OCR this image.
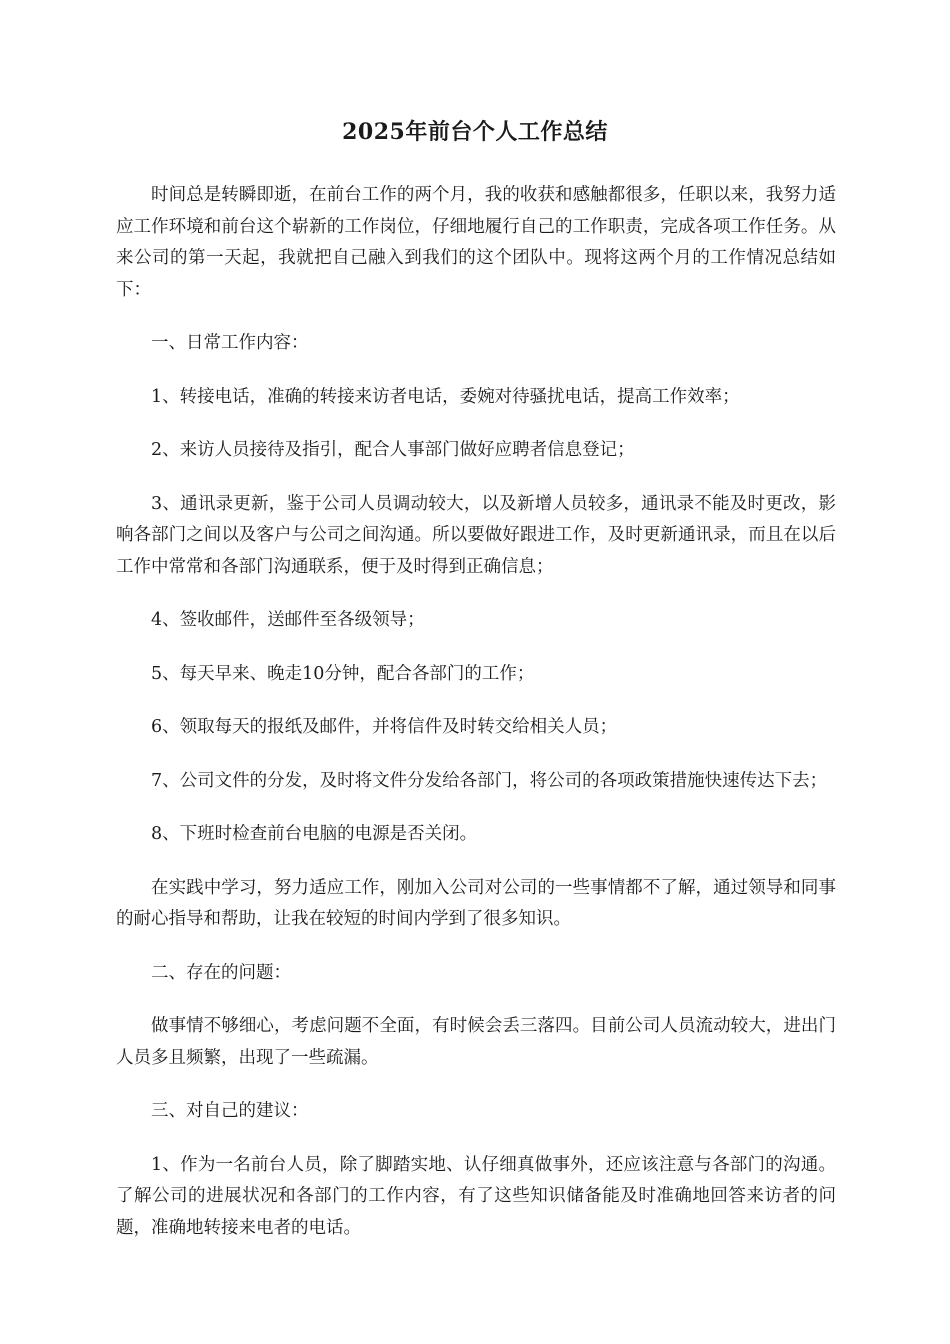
2025年前台个人工作总结

时间总是转瞬即逝，在前台工作的两个月，我的收获和感触都很多，任职以来，我努力适应工作环境和前台这个崭新的工作岗位，仔细地履行自己的工作职责，完成各项工作任务。从来公司的第一天起，我就把自己融入到我们的这个团队中。现将这两个月的工作情况总结如下：

一、日常工作内容：

1、转接电话，准确的转接来访者电话，委婉对待骚扰电话，提高工作效率；

2、来访人员接待及指引，配合人事部门做好应聘者信息登记；

3、通讯录更新，鉴于公司人员调动较大，以及新增人员较多，通讯录不能及时更改，影响各部门之间以及客户与公司之间沟通。所以要做好跟进工作，及时更新通讯录，而且在以后工作中常常和各部门沟通联系，便于及时得到正确信息；

4、签收邮件，送邮件至各级领导；

5、每天早来、晚走10分钟，配合各部门的工作；

6、领取每天的报纸及邮件，并将信件及时转交给相关人员；

7、公司文件的分发，及时将文件分发给各部门，将公司的各项政策措施快速传达下去；

8、下班时检查前台电脑的电源是否关闭。

在实践中学习，努力适应工作，刚加入公司对公司的一些事情都不了解，通过领导和同事的耐心指导和帮助，让我在较短的时间内学到了很多知识。

二、存在的问题：

做事情不够细心，考虑问题不全面，有时候会丢三落四。目前公司人员流动较大，进出门人员多且频繁，出现了一些疏漏。

三、对自己的建议：

1、作为一名前台人员，除了脚踏实地、认仔细真做事外，还应该注意与各部门的沟通。了解公司的进展状况和各部门的工作内容，有了这些知识储备能及时准确地回答来访者的问题，准确地转接来电者的电话。
